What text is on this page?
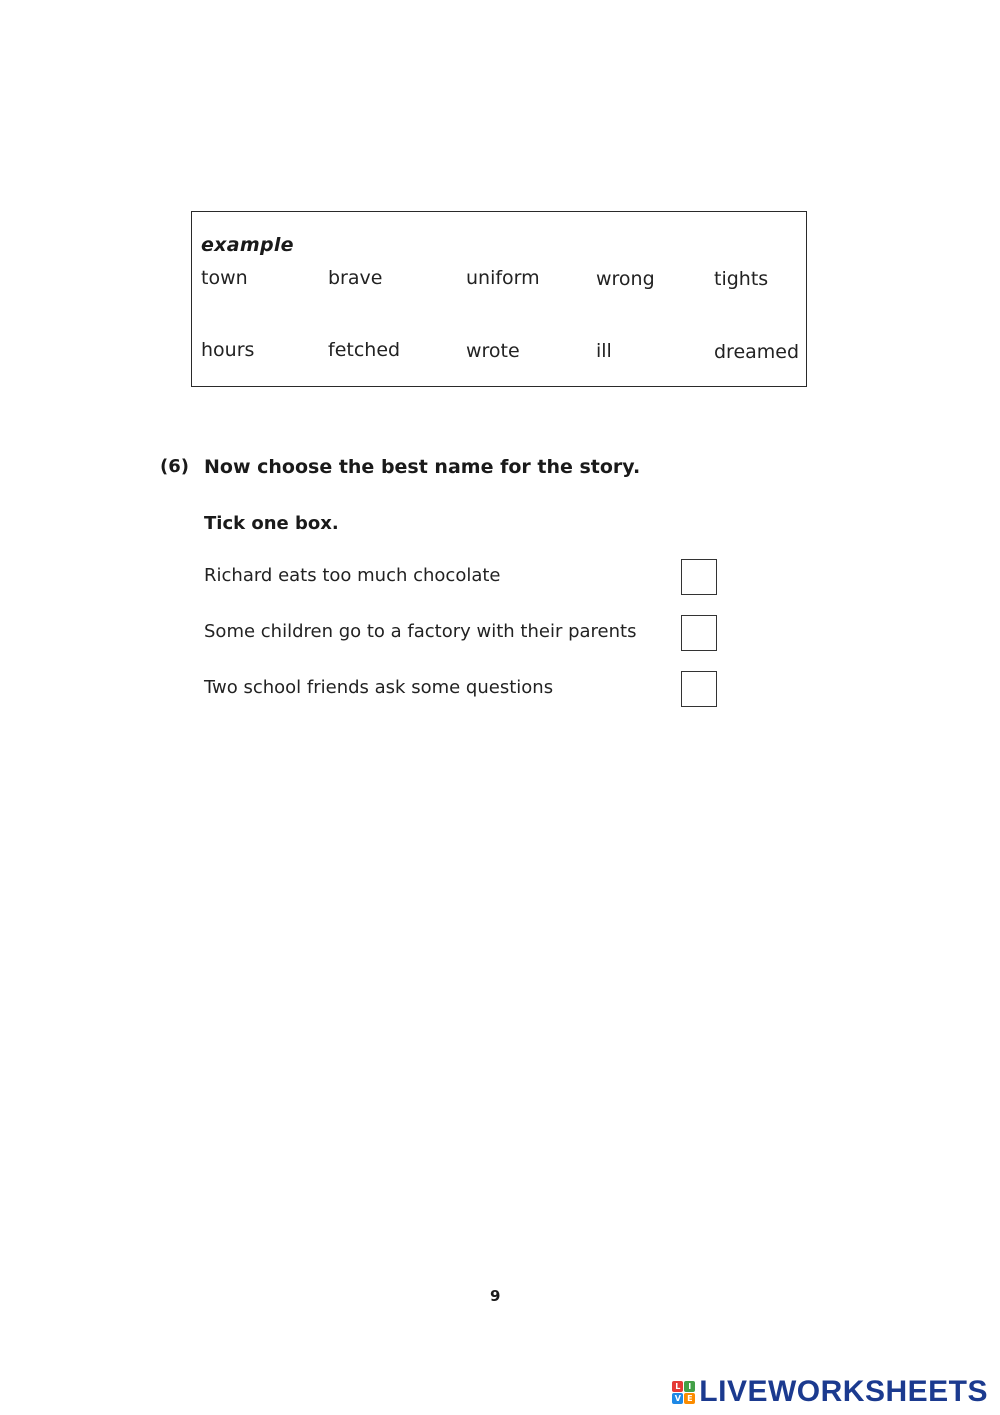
example
town	brave	uniform	wrong	tights
hours	fetched	wrote	ill	dreamed
(6) Now choose the best name for the story.
Tick one box.
Richard eats too much chocolate
Some children go to a factory with their parents
Two school friends ask some questions
9
L I
V E LIVEWORKSHEETS
